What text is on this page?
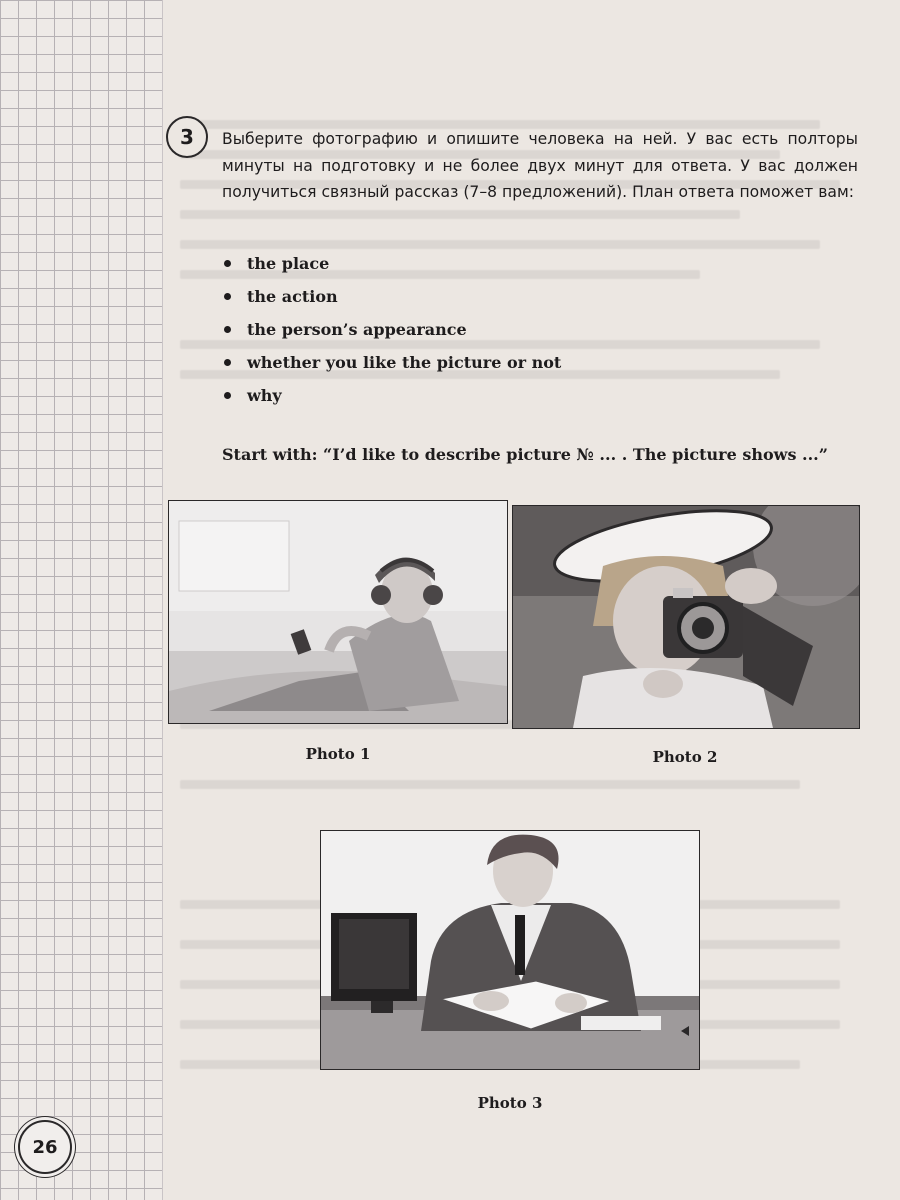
3 Выберите фотографию и опишите человека на ней. У вас есть полторы минуты на подготовку и не более двух минут для ответа. У вас должен получиться связный рассказ (7–8 предложений). План ответа поможет вам:

the place
the action
the person’s appearance
whether you like the picture or not
why

Start with: “I’d like to describe picture № ... . The picture shows ...”

Photo 1	Photo 2
Photo 3
26
